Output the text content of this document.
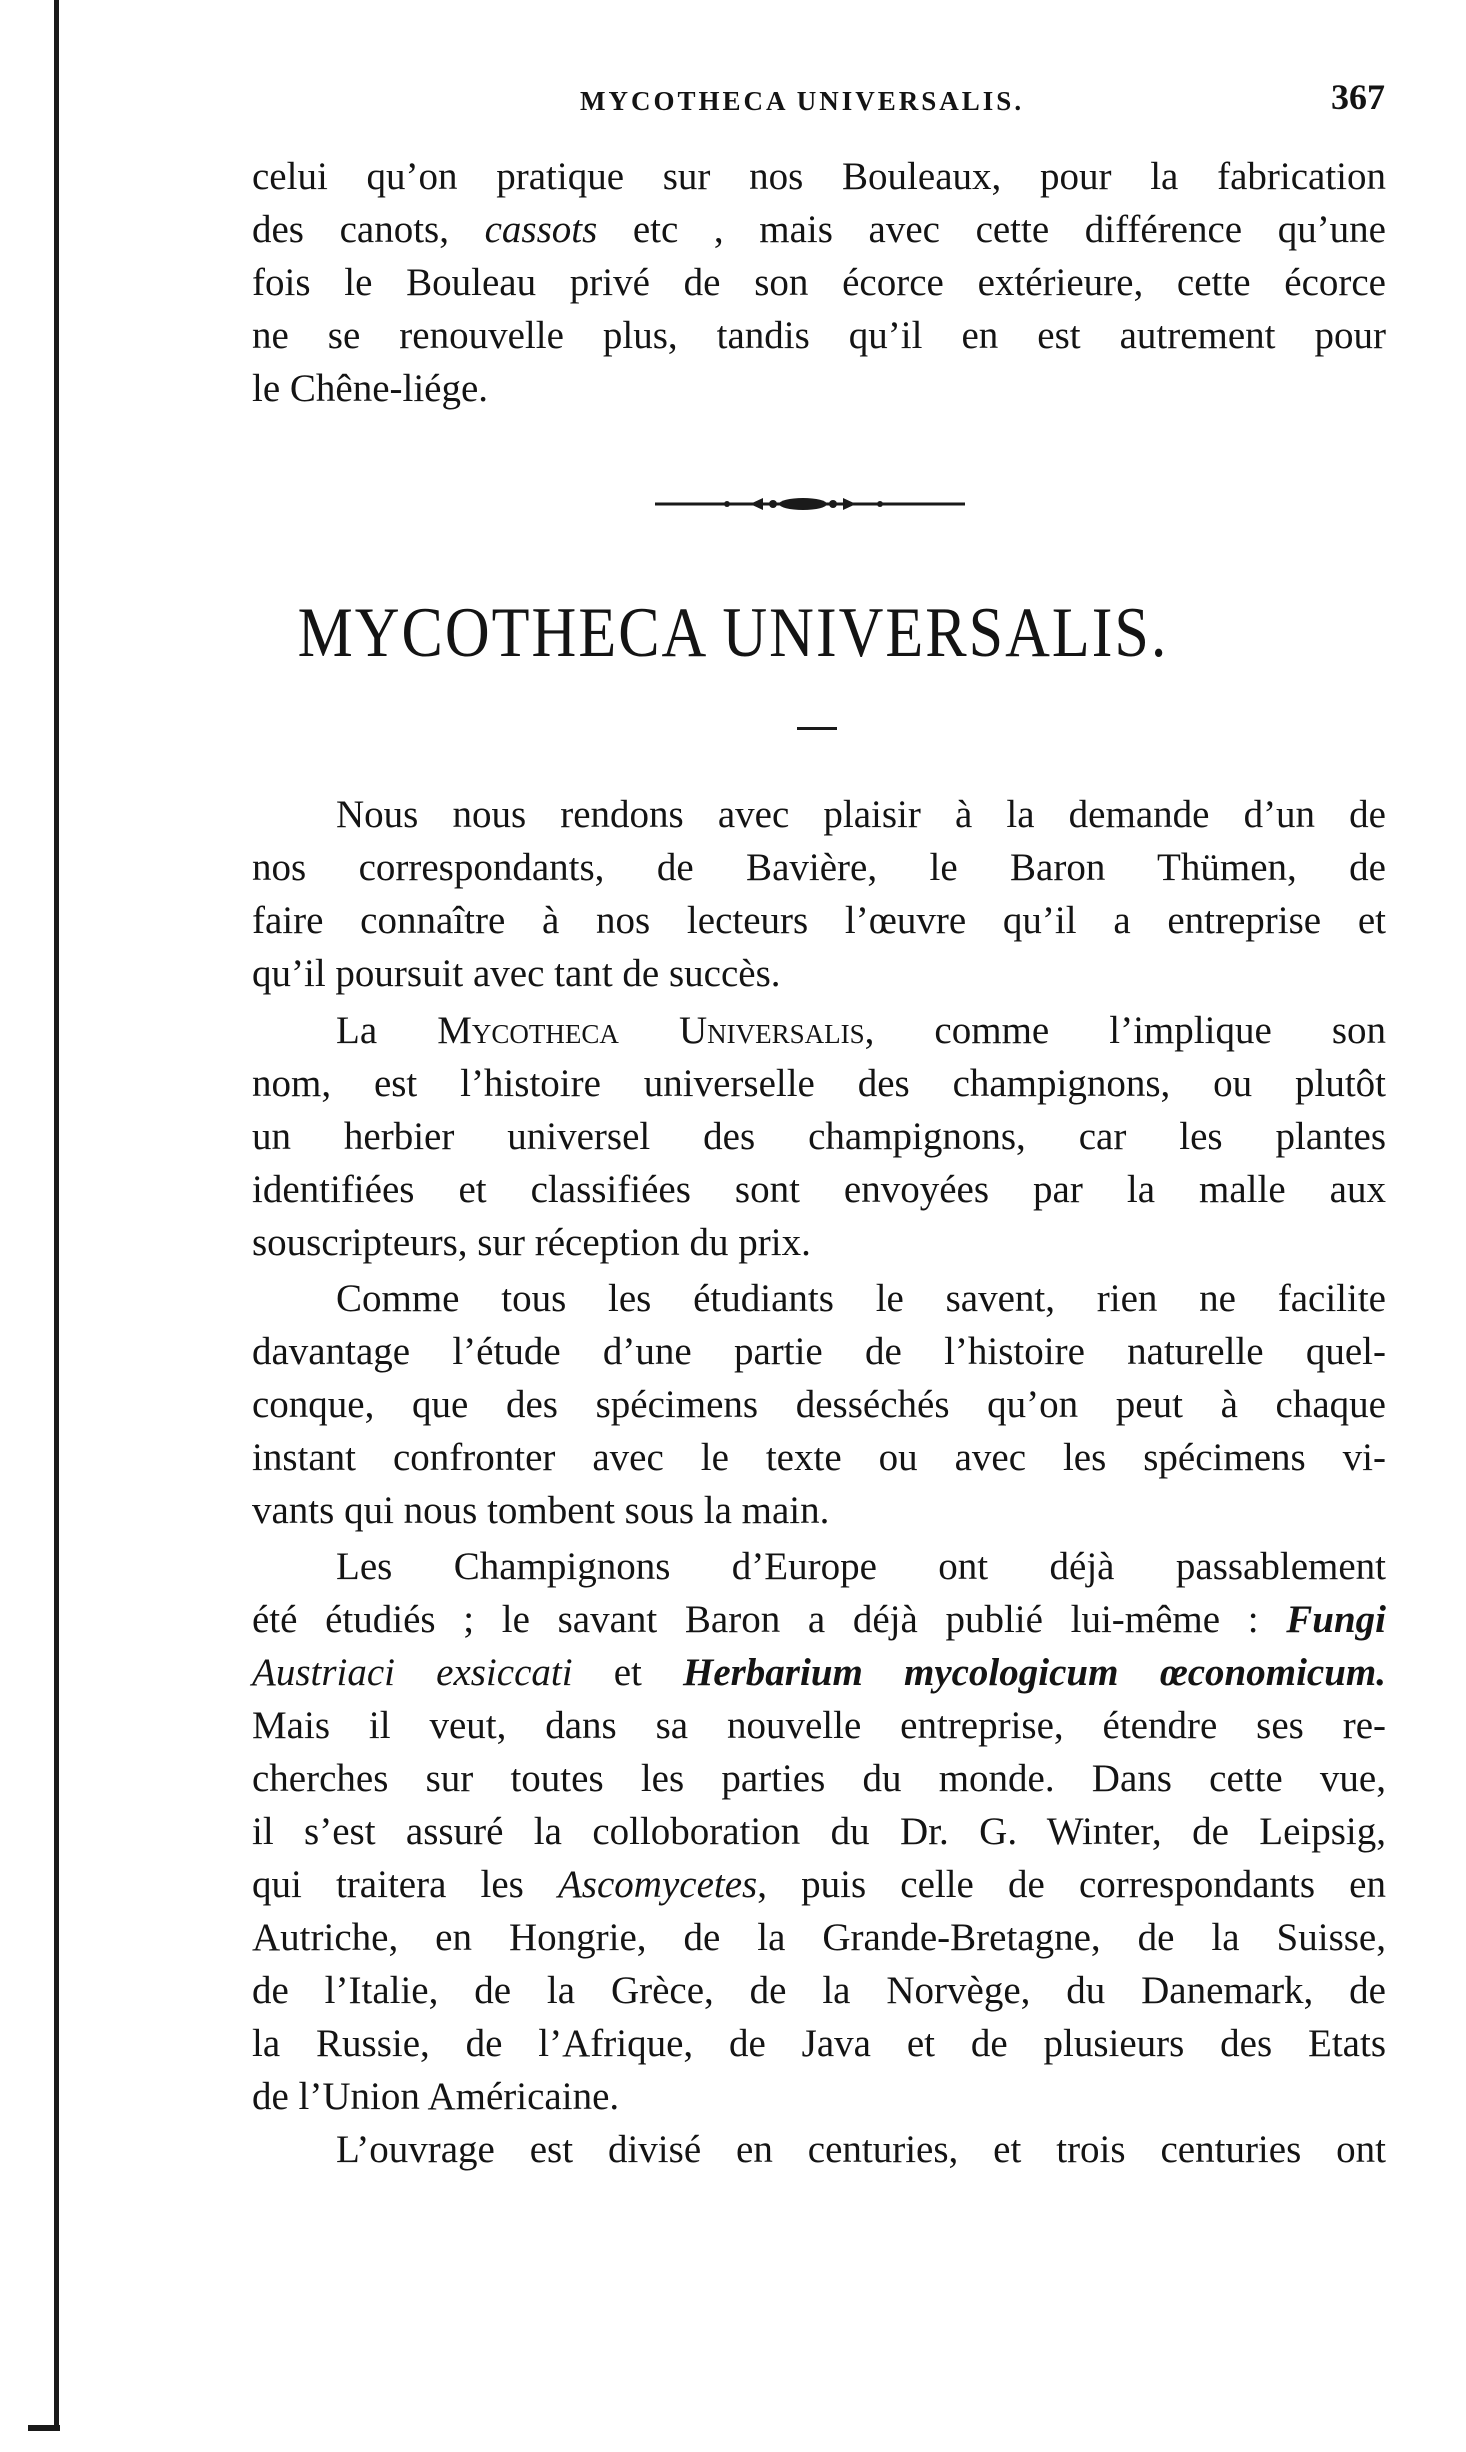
MYCOTHECA UNIVERSALIS.	367
celui qu’on pratique sur nos Bouleaux, pour la fabrication
des canots, cassots etc , mais avec cette différence qu’une
fois le Bouleau privé de son écorce extérieure, cette écorce
ne se renouvelle plus, tandis qu’il en est autrement pour
le Chêne-liége.
MYCOTHECA UNIVERSALIS.
Nous nous rendons avec plaisir à la demande d’un de
nos correspondants, de Bavière, le Baron Thümen, de
faire connaître à nos lecteurs l’œuvre qu’il a entreprise et
qu’il poursuit avec tant de succès.
La Mycotheca Universalis, comme l’implique son
nom, est l’histoire universelle des champignons, ou plutôt
un herbier universel des champignons, car les plantes
identifiées et classifiées sont envoyées par la malle aux
souscripteurs, sur réception du prix.
Comme tous les étudiants le savent, rien ne facilite
davantage l’étude d’une partie de l’histoire naturelle quel-
conque, que des spécimens desséchés qu’on peut à chaque
instant confronter avec le texte ou avec les spécimens vi-
vants qui nous tombent sous la main.
Les Champignons d’Europe ont déjà passablement
été étudiés ; le savant Baron a déjà publié lui-même : Fungi
Austriaci exsiccati et Herbarium mycologicum œconomicum.
Mais il veut, dans sa nouvelle entreprise, étendre ses re-
cherches sur toutes les parties du monde. Dans cette vue,
il s’est assuré la colloboration du Dr. G. Winter, de Leipsig,
qui traitera les Ascomycetes, puis celle de correspondants en
Autriche, en Hongrie, de la Grande-Bretagne, de la Suisse,
de l’Italie, de la Grèce, de la Norvège, du Danemark, de
la Russie, de l’Afrique, de Java et de plusieurs des Etats
de l’Union Américaine.
L’ouvrage est divisé en centuries, et trois centuries ont
